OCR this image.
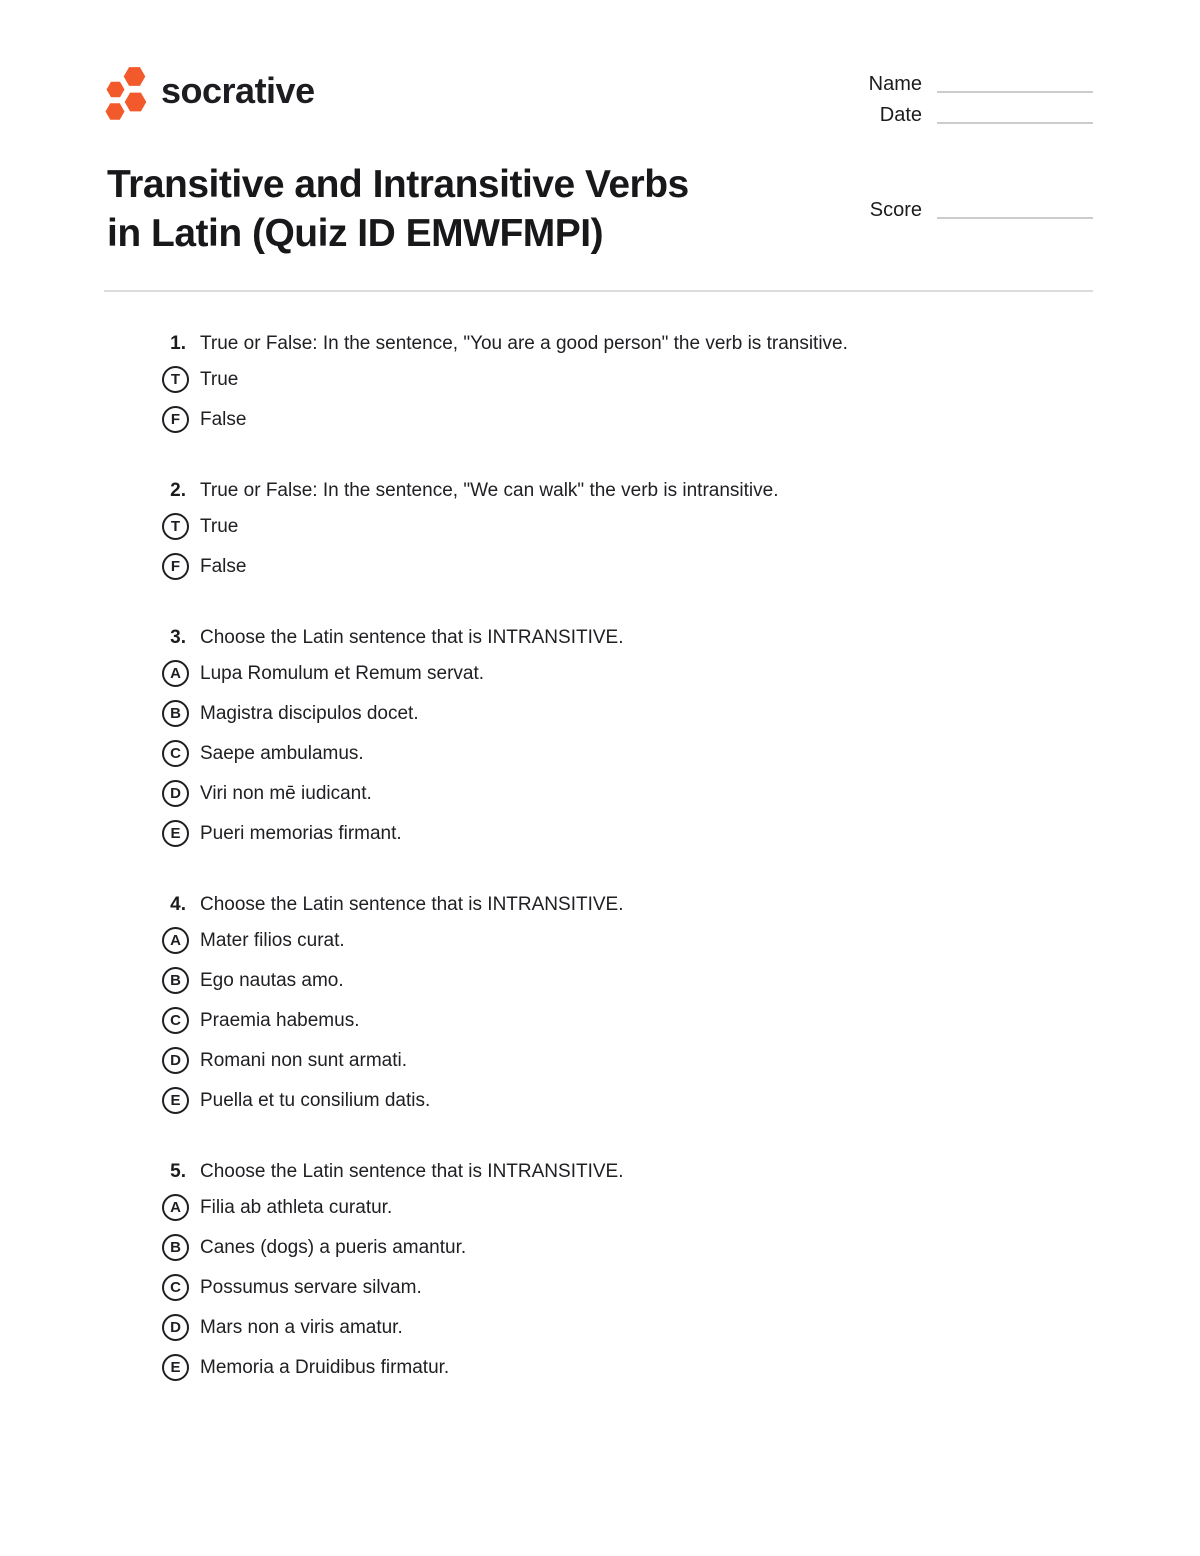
socrative	Name
Date
Transitive and Intransitive Verbs
in Latin (Quiz ID EMWFMPI)
Score
1. True or False: In the sentence, "You are a good person" the verb is transitive.
T True
F False
2. True or False: In the sentence, "We can walk" the verb is intransitive.
T True
F False
3. Choose the Latin sentence that is INTRANSITIVE.
A Lupa Romulum et Remum servat.
B Magistra discipulos docet.
C Saepe ambulamus.
D Viri non mē iudicant.
E Pueri memorias firmant.
4. Choose the Latin sentence that is INTRANSITIVE.
A Mater filios curat.
B Ego nautas amo.
C Praemia habemus.
D Romani non sunt armati.
E Puella et tu consilium datis.
5. Choose the Latin sentence that is INTRANSITIVE.
A Filia ab athleta curatur.
B Canes (dogs) a pueris amantur.
C Possumus servare silvam.
D Mars non a viris amatur.
E Memoria a Druidibus firmatur.
